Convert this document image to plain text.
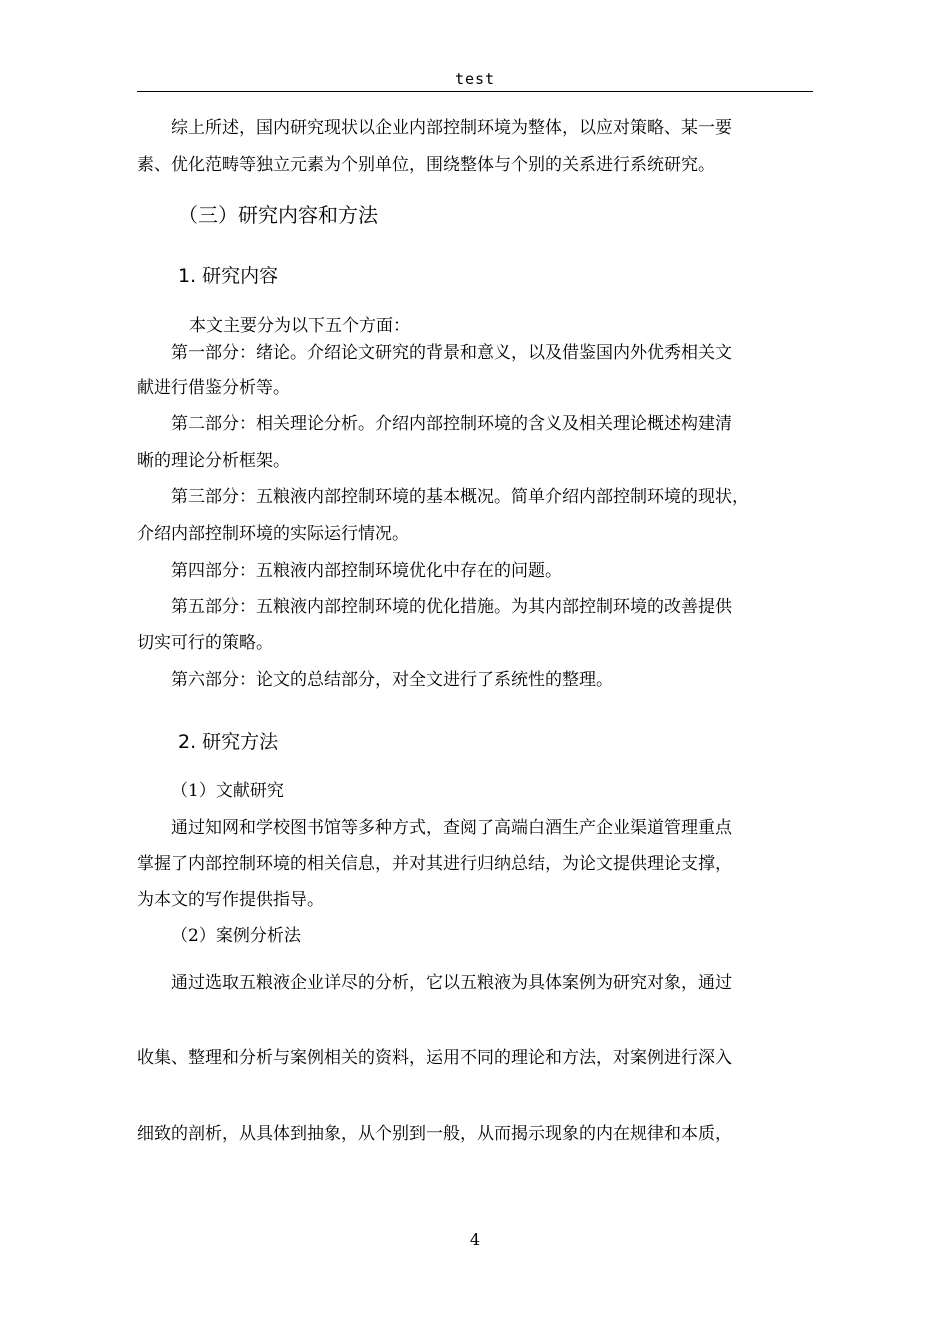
test
综上所述，国内研究现状以企业内部控制环境为整体，以应对策略、某一要
素、优化范畴等独立元素为个别单位，围绕整体与个别的关系进行系统研究。
（三）研究内容和方法
1. 研究内容
本文主要分为以下五个方面：
第一部分：绪论。介绍论文研究的背景和意义，以及借鉴国内外优秀相关文
献进行借鉴分析等。
第二部分：相关理论分析。介绍内部控制环境的含义及相关理论概述构建清
晰的理论分析框架。
第三部分：五粮液内部控制环境的基本概况。简单介绍内部控制环境的现状，
介绍内部控制环境的实际运行情况。
第四部分：五粮液内部控制环境优化中存在的问题。
第五部分：五粮液内部控制环境的优化措施。为其内部控制环境的改善提供
切实可行的策略。
第六部分：论文的总结部分，对全文进行了系统性的整理。
2. 研究方法
（1）文献研究
通过知网和学校图书馆等多种方式，查阅了高端白酒生产企业渠道管理重点
掌握了内部控制环境的相关信息，并对其进行归纳总结，为论文提供理论支撑，
为本文的写作提供指导。
（2）案例分析法
通过选取五粮液企业详尽的分析，它以五粮液为具体案例为研究对象，通过
收集、整理和分析与案例相关的资料，运用不同的理论和方法，对案例进行深入
细致的剖析，从具体到抽象，从个别到一般，从而揭示现象的内在规律和本质，
4
